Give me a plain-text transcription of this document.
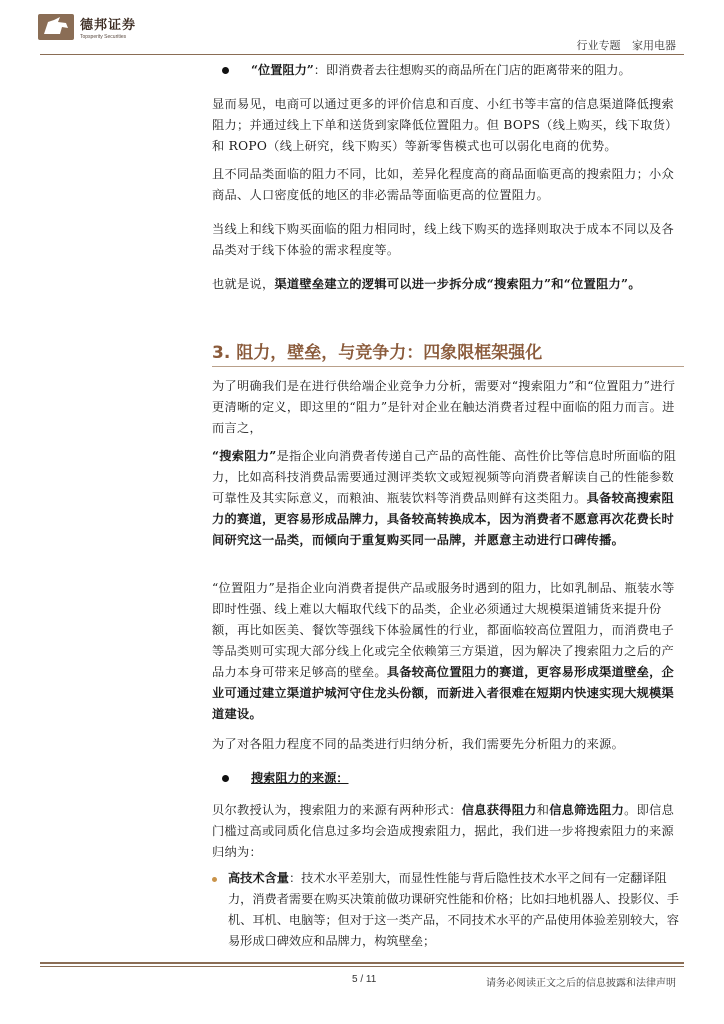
德邦证券
Topsperity Securities
行业专题 家用电器
“位置阻力”：即消费者去往想购买的商品所在门店的距离带来的阻力。
显而易见，电商可以通过更多的评价信息和百度、小红书等丰富的信息渠道降低搜索阻力；并通过线上下单和送货到家降低位置阻力。但 BOPS（线上购买，线下取货）和 ROPO（线上研究，线下购买）等新零售模式也可以弱化电商的优势。
且不同品类面临的阻力不同，比如，差异化程度高的商品面临更高的搜索阻力；小众商品、人口密度低的地区的非必需品等面临更高的位置阻力。
当线上和线下购买面临的阻力相同时，线上线下购买的选择则取决于成本不同以及各品类对于线下体验的需求程度等。
也就是说，渠道壁垒建立的逻辑可以进一步拆分成“搜索阻力”和“位置阻力”。
3. 阻力，壁垒，与竞争力：四象限框架强化
为了明确我们是在进行供给端企业竞争力分析，需要对“搜索阻力”和“位置阻力”进行更清晰的定义，即这里的“阻力”是针对企业在触达消费者过程中面临的阻力而言。进而言之，
“搜索阻力”是指企业向消费者传递自己产品的高性能、高性价比等信息时所面临的阻力，比如高科技消费品需要通过测评类软文或短视频等向消费者解读自己的性能参数可靠性及其实际意义，而粮油、瓶装饮料等消费品则鲜有这类阻力。具备较高搜索阻力的赛道，更容易形成品牌力，具备较高转换成本，因为消费者不愿意再次花费长时间研究这一品类，而倾向于重复购买同一品牌，并愿意主动进行口碑传播。
“位置阻力”是指企业向消费者提供产品或服务时遇到的阻力，比如乳制品、瓶装水等即时性强、线上难以大幅取代线下的品类，企业必须通过大规模渠道铺货来提升份额，再比如医美、餐饮等强线下体验属性的行业，都面临较高位置阻力，而消费电子等品类则可实现大部分线上化或完全依赖第三方渠道，因为解决了搜索阻力之后的产品力本身可带来足够高的壁垒。具备较高位置阻力的赛道，更容易形成渠道壁垒，企业可通过建立渠道护城河守住龙头份额，而新进入者很难在短期内快速实现大规模渠道建设。
为了对各阻力程度不同的品类进行归纳分析，我们需要先分析阻力的来源。
搜索阻力的来源：
贝尔教授认为，搜索阻力的来源有两种形式：信息获得阻力和信息筛选阻力。即信息门槛过高或同质化信息过多均会造成搜索阻力，据此，我们进一步将搜索阻力的来源归纳为：
高技术含量：技术水平差别大，而显性性能与背后隐性技术水平之间有一定翻译阻力，消费者需要在购买决策前做功课研究性能和价格；比如扫地机器人、投影仪、手机、耳机、电脑等；但对于这一类产品，不同技术水平的产品使用体验差别较大，容易形成口碑效应和品牌力，构筑壁垒；
5 / 11	请务必阅读正文之后的信息披露和法律声明
